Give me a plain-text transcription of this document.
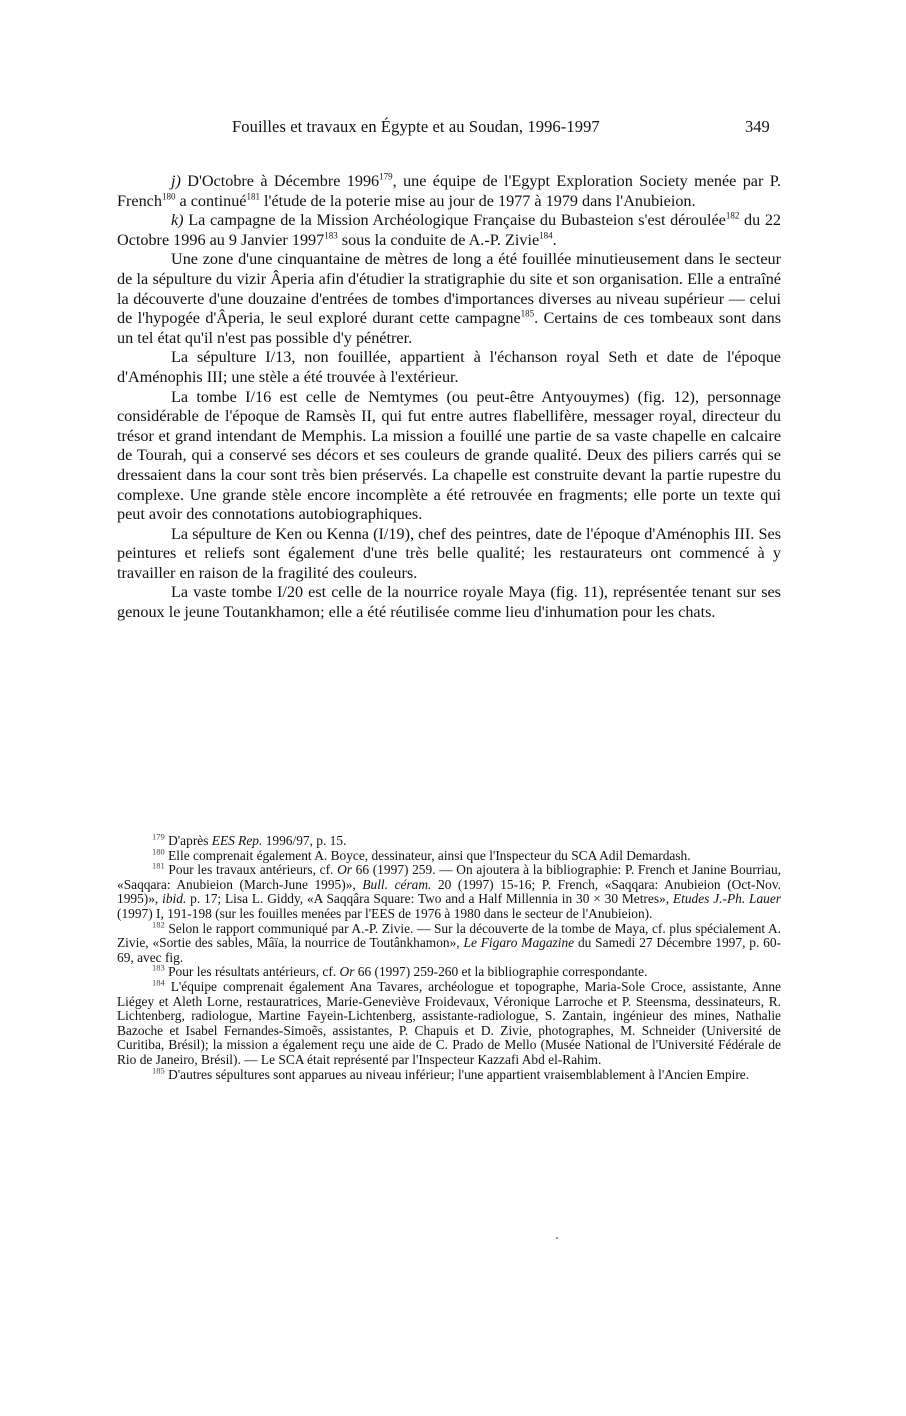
Fouilles et travaux en Égypte et au Soudan, 1996-1997	349

j) D'Octobre à Décembre 1996$^{179}$, une équipe de l'Egypt Exploration Society menée par P. French$^{180}$ a continué$^{181}$ l'étude de la poterie mise au jour de 1977 à 1979 dans l'Anubieion.

k) La campagne de la Mission Archéologique Française du Bubasteion s'est déroulée$^{182}$ du 22 Octobre 1996 au 9 Janvier 1997$^{183}$ sous la conduite de A.-P. Zivie$^{184}$.

Une zone d'une cinquantaine de mètres de long a été fouillée minutieusement dans le secteur de la sépulture du vizir Âperia afin d'étudier la stratigraphie du site et son organisation. Elle a entraîné la découverte d'une douzaine d'entrées de tombes d'importances diverses au niveau supérieur — celui de l'hypogée d'Âperia, le seul exploré durant cette campagne$^{185}$. Certains de ces tombeaux sont dans un tel état qu'il n'est pas possible d'y pénétrer.

La sépulture I/13, non fouillée, appartient à l'échanson royal Seth et date de l'époque d'Aménophis III; une stèle a été trouvée à l'extérieur.

La tombe I/16 est celle de Nemtymes (ou peut-être Antyouymes) (fig. 12), personnage considérable de l'époque de Ramsès II, qui fut entre autres flabellifère, messager royal, directeur du trésor et grand intendant de Memphis. La mission a fouillé une partie de sa vaste chapelle en calcaire de Tourah, qui a conservé ses décors et ses couleurs de grande qualité. Deux des piliers carrés qui se dressaient dans la cour sont très bien préservés. La chapelle est construite devant la partie rupestre du complexe. Une grande stèle encore incomplète a été retrouvée en fragments; elle porte un texte qui peut avoir des connotations autobiographiques.

La sépulture de Ken ou Kenna (I/19), chef des peintres, date de l'époque d'Aménophis III. Ses peintures et reliefs sont également d'une très belle qualité; les restaurateurs ont commencé à y travailler en raison de la fragilité des couleurs.

La vaste tombe I/20 est celle de la nourrice royale Maya (fig. 11), représentée tenant sur ses genoux le jeune Toutankhamon; elle a été réutilisée comme lieu d'inhumation pour les chats.

$^{179}$ D'après EES Rep. 1996/97, p. 15.

$^{180}$ Elle comprenait également A. Boyce, dessinateur, ainsi que l'Inspecteur du SCA Adil Demardash.

$^{181}$ Pour les travaux antérieurs, cf. Or 66 (1997) 259. — On ajoutera à la bibliographie: P. French et Janine Bourriau, «Saqqara: Anubieion (March-June 1995)», Bull. céram. 20 (1997) 15-16; P. French, «Saqqara: Anubieion (Oct-Nov. 1995)», ibid. p. 17; Lisa L. Giddy, «A Saqqâra Square: Two and a Half Millennia in 30 × 30 Metres», Etudes J.-Ph. Lauer (1997) I, 191-198 (sur les fouilles menées par l'EES de 1976 à 1980 dans le secteur de l'Anubieion).

$^{182}$ Selon le rapport communiqué par A.-P. Zivie. — Sur la découverte de la tombe de Maya, cf. plus spécialement A. Zivie, «Sortie des sables, Mâïa, la nourrice de Toutânkhamon», Le Figaro Magazine du Samedi 27 Décembre 1997, p. 60-69, avec fig.

$^{183}$ Pour les résultats antérieurs, cf. Or 66 (1997) 259-260 et la bibliographie correspondante.

$^{184}$ L'équipe comprenait également Ana Tavares, archéologue et topographe, Maria-Sole Croce, assistante, Anne Liégey et Aleth Lorne, restauratrices, Marie-Geneviève Froidevaux, Véronique Larroche et P. Steensma, dessinateurs, R. Lichtenberg, radiologue, Martine Fayein-Lichtenberg, assistante-radiologue, S. Zantain, ingénieur des mines, Nathalie Bazoche et Isabel Fernandes-Simoẽs, assistantes, P. Chapuis et D. Zivie, photographes, M. Schneider (Université de Curitiba, Brésil); la mission a également reçu une aide de C. Prado de Mello (Musée National de l'Université Fédérale de Rio de Janeiro, Brésil). — Le SCA était représenté par l'Inspecteur Kazzafi Abd el-Rahim.

$^{185}$ D'autres sépultures sont apparues au niveau inférieur; l'une appartient vraisemblablement à l'Ancien Empire.
